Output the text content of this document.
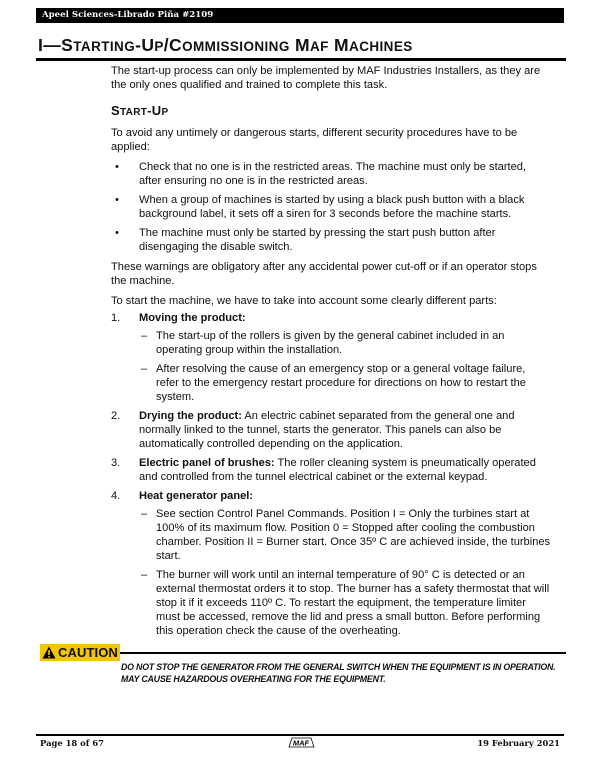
Apeel Sciences-Librado Piña #2109
I—STARTING-UP/COMMISSIONING MAF MACHINES

The start-up process can only be implemented by MAF Industries Installers, as they are the only ones qualified and trained to complete this task.

START-UP

To avoid any untimely or dangerous starts, different security procedures have to be applied:

• Check that no one is in the restricted areas. The machine must only be started, after ensuring no one is in the restricted areas.
• When a group of machines is started by using a black push button with a black background label, it sets off a siren for 3 seconds before the machine starts.
• The machine must only be started by pressing the start push button after disengaging the disable switch.

These warnings are obligatory after any accidental power cut-off or if an operator stops the machine.

To start the machine, we have to take into account some clearly different parts:

1. Moving the product:
– The start-up of the rollers is given by the general cabinet included in an operating group within the installation.
– After resolving the cause of an emergency stop or a general voltage failure, refer to the emergency restart procedure for directions on how to restart the system.
2. Drying the product: An electric cabinet separated from the general one and normally linked to the tunnel, starts the generator. This panels can also be automatically controlled depending on the application.
3. Electric panel of brushes: The roller cleaning system is pneumatically operated and controlled from the tunnel electrical cabinet or the external keypad.
4. Heat generator panel:
– See section Control Panel Commands. Position I = Only the turbines start at 100% of its maximum flow. Position 0 = Stopped after cooling the combustion chamber. Position II = Burner start. Once 35º C are achieved inside, the turbines start.
– The burner will work until an internal temperature of 90° C is detected or an external thermostat orders it to stop. The burner has a safety thermostat that will stop it if it exceeds 110º C. To restart the equipment, the temperature limiter must be accessed, remove the lid and press a small button. Before performing this operation check the cause of the overheating.
CAUTION
DO NOT STOP THE GENERATOR FROM THE GENERAL SWITCH WHEN THE EQUIPMENT IS IN OPERATION.
MAY CAUSE HAZARDOUS OVERHEATING FOR THE EQUIPMENT.
Page 18 of 67	MAF	19 February 2021
